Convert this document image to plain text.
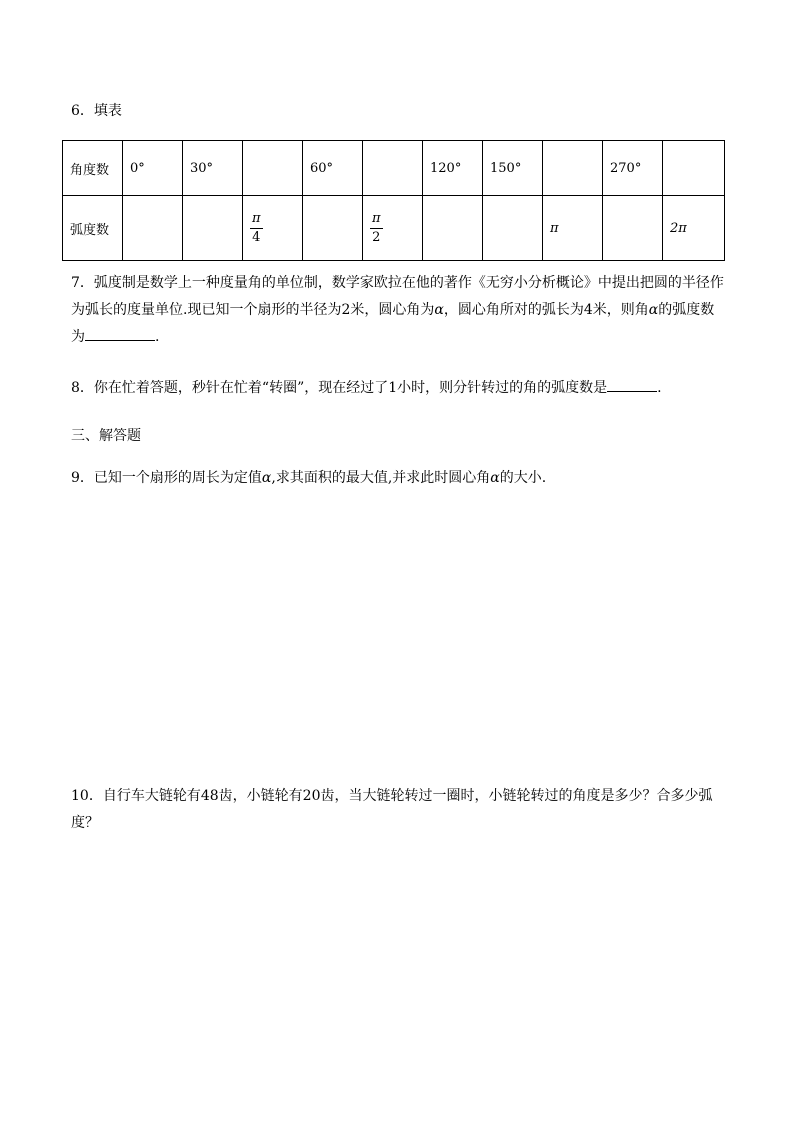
6．填表

角度数	0°	30°		60°		120°	150°		270°	
弧度数			$\frac{\pi}{4}$		$\frac{\pi}{2}$			π		2π

7．弧度制是数学上一种度量角的单位制，数学家欧拉在他的著作《无穷小分析概论》中提出把圆的半径作为弧长的度量单位.现已知一个扇形的半径为2米，圆心角为α，圆心角所对的弧长为4米，则角α的弧度数为	.

8．你在忙着答题，秒针在忙着“转圈”，现在经过了1小时，则分针转过的角的弧度数是	.

三、解答题

9．已知一个扇形的周长为定值α,求其面积的最大值,并求此时圆心角α的大小.

10．自行车大链轮有48齿，小链轮有20齿，当大链轮转过一圈时，小链轮转过的角度是多少？合多少弧度？
